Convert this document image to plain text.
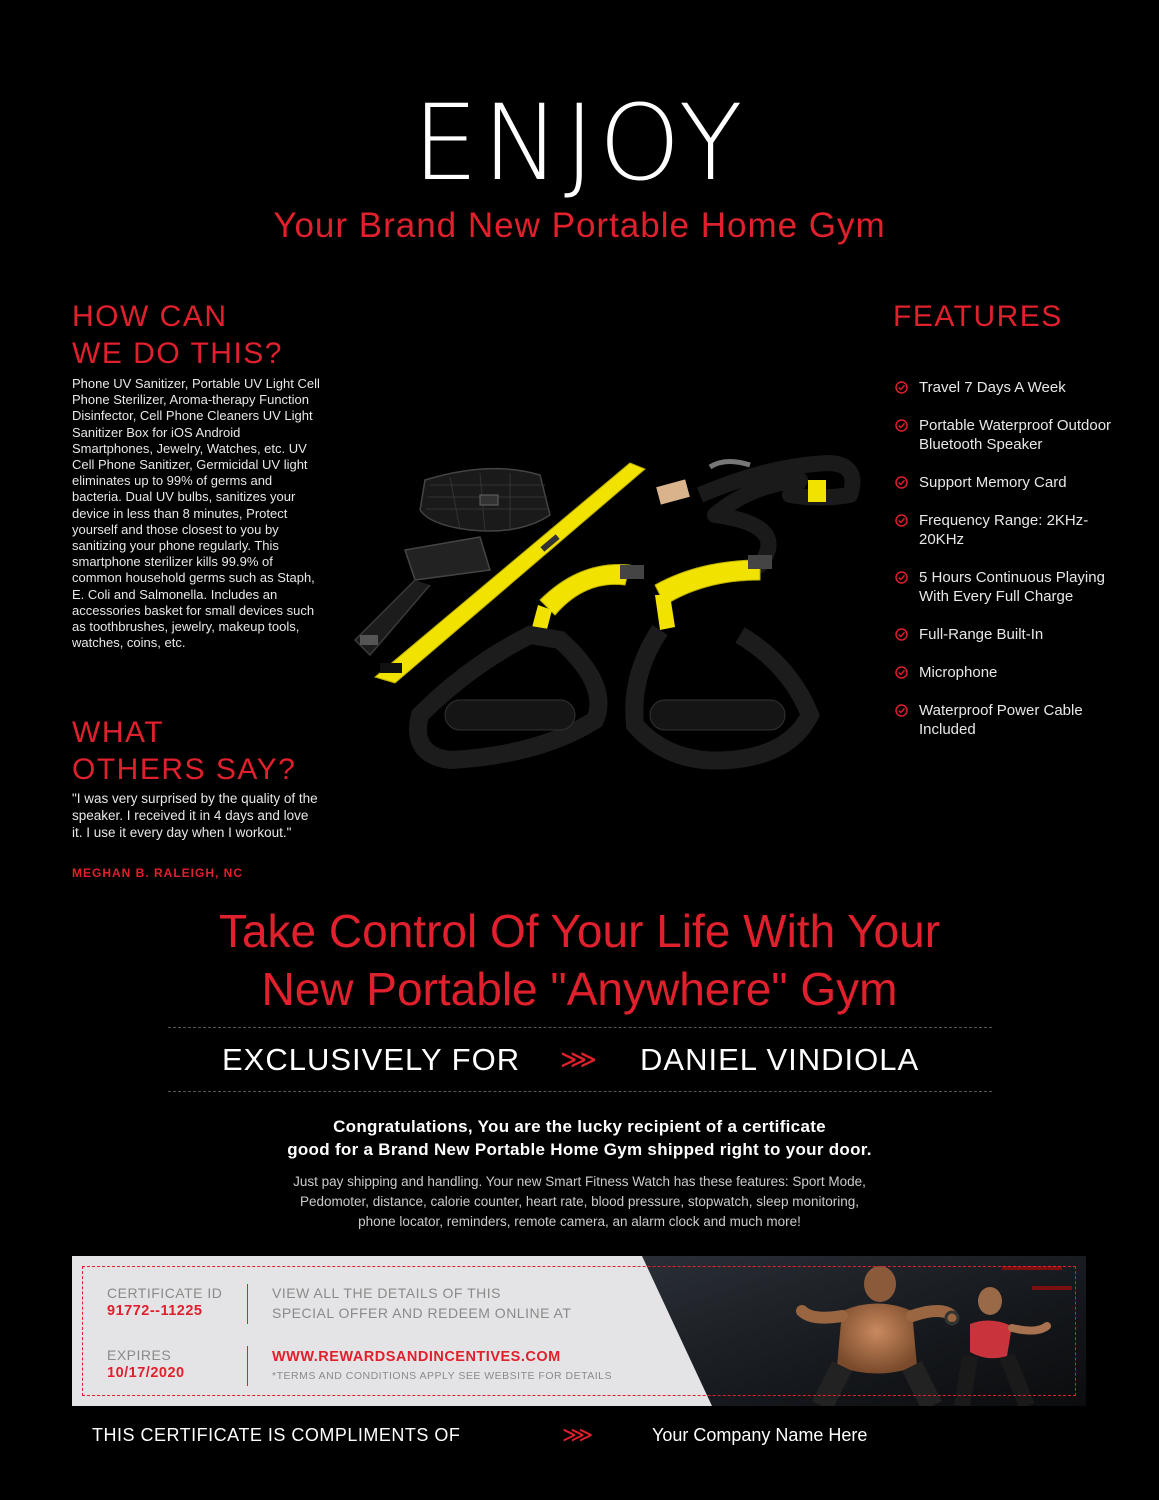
ENJOY
Your Brand New Portable Home Gym
HOW CAN
WE DO THIS?
Phone UV Sanitizer, Portable UV Light Cell Phone Sterilizer, Aroma-therapy Function Disinfector, Cell Phone Cleaners UV Light Sanitizer Box for iOS Android Smartphones, Jewelry, Watches, etc. UV Cell Phone Sanitizer, Germicidal UV light eliminates up to 99% of germs and bacteria. Dual UV bulbs, sanitizes your device in less than 8 minutes, Protect yourself and those closest to you by sanitizing your phone regularly. This smartphone sterilizer kills 99.9% of common household germs such as Staph, E. Coli and Salmonella. Includes an accessories basket for small devices such as toothbrushes, jewelry, makeup tools, watches, coins, etc.
WHAT
OTHERS SAY?
"I was very surprised by the quality of the speaker. I received it in 4 days and love it. I use it every day when I workout."
MEGHAN B. RALEIGH, NC
FEATURES
Travel 7 Days A Week
Portable Waterproof Outdoor Bluetooth Speaker
Support Memory Card
Frequency Range: 2KHz-20KHz
5 Hours Continuous Playing With Every Full Charge
Full-Range Built-In
Microphone
Waterproof Power Cable Included
Take Control Of Your Life With Your
New Portable "Anywhere" Gym
EXCLUSIVELY FOR ⋙ DANIEL VINDIOLA
Congratulations, You are the lucky recipient of a certificate
good for a Brand New Portable Home Gym shipped right to your door.
Just pay shipping and handling. Your new Smart Fitness Watch has these features: Sport Mode,
Pedomoter, distance, calorie counter, heart rate, blood pressure, stopwatch, sleep monitoring,
phone locator, reminders, remote camera, an alarm clock and much more!
CERTIFICATE ID
91772--11225
VIEW ALL THE DETAILS OF THIS
SPECIAL OFFER AND REDEEM ONLINE AT
EXPIRES
10/17/2020
WWW.REWARDSANDINCENTIVES.COM
*TERMS AND CONDITIONS APPLY SEE WEBSITE FOR DETAILS
THIS CERTIFICATE IS COMPLIMENTS OF	⋙	Your Company Name Here
